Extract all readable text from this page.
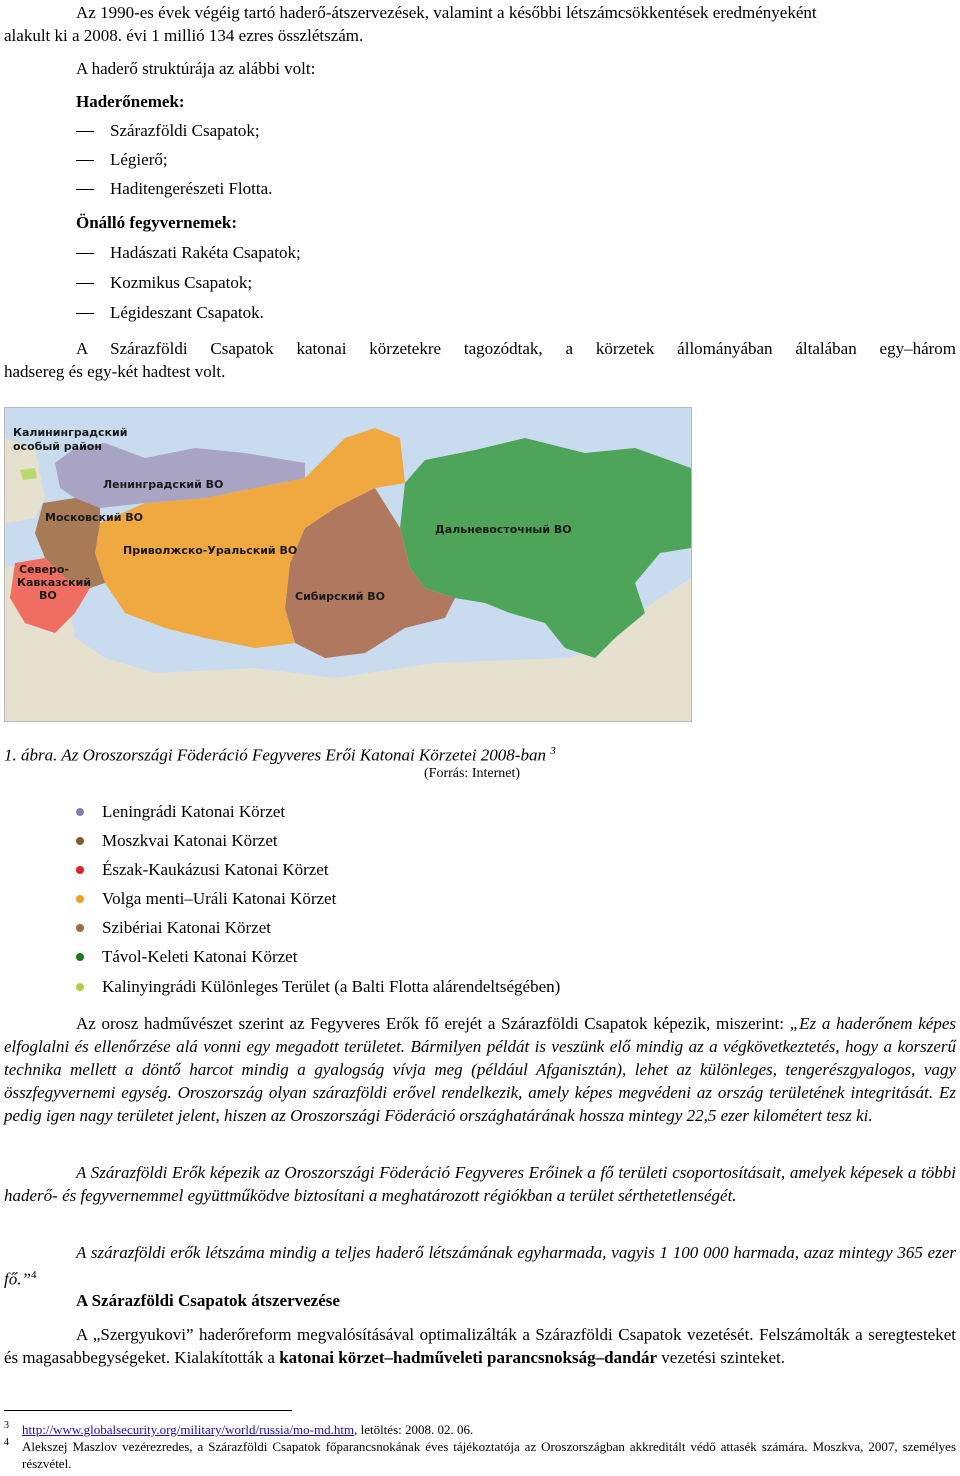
Az 1990-es évek végéig tartó haderő-átszervezések, valamint a későbbi létszámcsökkentések eredményeként
alakult ki a 2008. évi 1 millió 134 ezres összlétszám.
A haderő struktúrája az alábbi volt:
Haderőnemek:
Szárazföldi Csapatok;
Légierő;
Haditengerészeti Flotta.
Önálló fegyvernemek:
Hadászati Rakéta Csapatok;
Kozmikus Csapatok;
Légideszant Csapatok.
A Szárazföldi Csapatok katonai körzetekre tagozódtak, a körzetek állományában általában egy–három
hadsereg és egy-két hadtest volt.
Калининградский
особый район
Ленинградский ВО
Московский ВО
Приволжско-Уральский ВО
Северо-
Кавказский
ВО	Сибирский ВО
Дальневосточный ВО
1. ábra. Az Oroszországi Föderáció Fegyveres Erői Katonai Körzetei 2008-ban $^3$
(Forrás: Internet)
Leningrádi Katonai Körzet
Moszkvai Katonai Körzet
Észak-Kaukázusi Katonai Körzet
Volga menti–Uráli Katonai Körzet
Szibériai Katonai Körzet
Távol-Keleti Katonai Körzet
Kalinyingrádi Különleges Terület (a Balti Flotta alárendeltségében)

Az orosz hadművészet szerint az Fegyveres Erők fő erejét a Szárazföldi Csapatok képezik, miszerint: „Ez a haderőnem képes elfoglalni és ellenőrzése alá vonni egy megadott területet. Bármilyen példát is veszünk elő mindig az a végkövetkeztetés, hogy a korszerű technika mellett a döntő harcot mindig a gyalogság vívja meg (például Afganisztán), lehet az különleges, tengerészgyalogos, vagy összfegyvernemi egység. Oroszország olyan szárazföldi erővel rendelkezik, amely képes megvédeni az ország területének integritását. Ez pedig igen nagy területet jelent, hiszen az Oroszországi Föderáció országhatárának hossza mintegy 22,5 ezer kilométert tesz ki.

A Szárazföldi Erők képezik az Oroszországi Föderáció Fegyveres Erőinek a fő területi csoportosításait, amelyek képesek a többi haderő- és fegyvernemmel együttműködve biztosítani a meghatározott régiókban a terület sérthetetlenségét.

A szárazföldi erők létszáma mindig a teljes haderő létszámának egyharmada, vagyis 1 100 000 harmada, azaz mintegy 365 ezer fő.”$^4$

A Szárazföldi Csapatok átszervezése

A „Szergyukovi” haderőreform megvalósításával optimalizálták a Szárazföldi Csapatok vezetését. Felszámolták a seregtesteket és magasabbegységeket. Kialakították a katonai körzet–hadműveleti parancsnokság–dandár vezetési szinteket.

3	http://www.globalsecurity.org/military/world/russia/mo-md.htm, letöltés: 2008. 02. 06.
4	Alekszej Maszlov vezérezredes, a Szárazföldi Csapatok főparancsnokának éves tájékoztatója az Oroszországban akkreditált védő attasék számára. Moszkva, 2007, személyes részvétel.
